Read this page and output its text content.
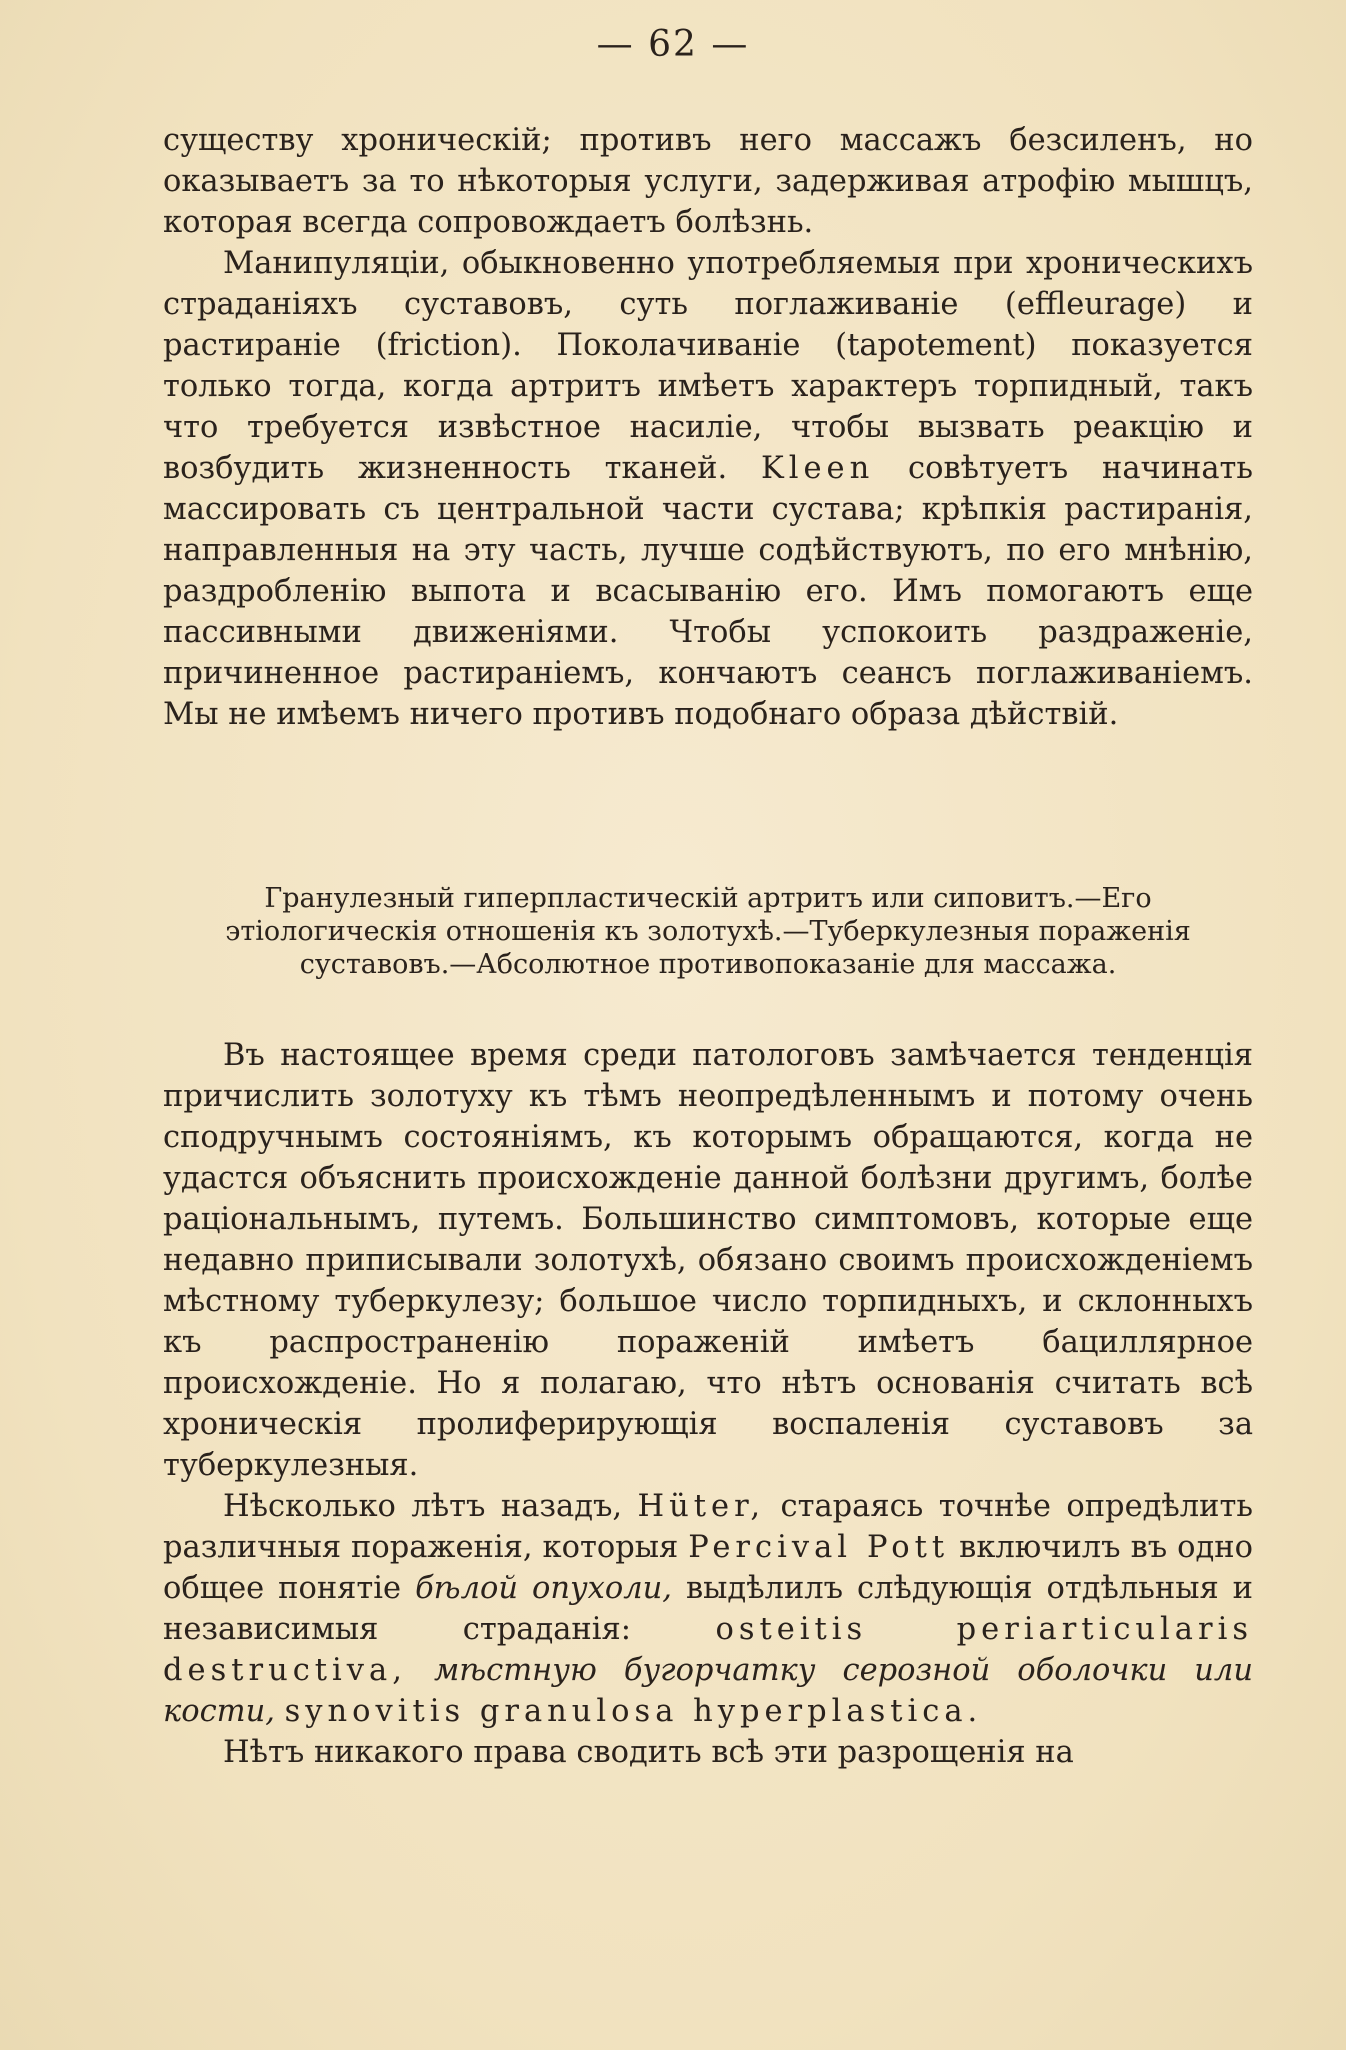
— 62 —

существу хроническій; противъ него массажъ безсиленъ, но оказываетъ за то нѣкоторыя услуги, задерживая атрофію мышцъ, которая всегда сопровождаетъ болѣзнь.

Манипуляціи, обыкновенно употребляемыя при хроническихъ страданіяхъ суставовъ, суть поглаживаніе (effleurage) и растираніе (friction). Поколачиваніе (tapotement) показуется только тогда, когда артритъ имѣетъ характеръ торпидный, такъ что требуется извѣстное насиліе, чтобы вызвать реакцію и возбудить жизненность тканей. Kleen совѣтуетъ начинать массировать съ центральной части сустава; крѣпкія растиранія, направленныя на эту часть, лучше содѣйствуютъ, по его мнѣнію, раздробленію выпота и всасыванію его. Имъ помогаютъ еще пассивными движеніями. Чтобы успокоить раздраженіе, причиненное растираніемъ, кончаютъ сеансъ поглаживаніемъ. Мы не имѣемъ ничего противъ подобнаго образа дѣйствій.

Гранулезный гиперпластическій артритъ или сиповитъ.—Его этіологическія отношенія къ золотухѣ.—Туберкулезныя пораженія суставовъ.—Абсолютное противопоказаніе для массажа.

Въ настоящее время среди патологовъ замѣчается тенденція причислить золотуху къ тѣмъ неопредѣленнымъ и потому очень сподручнымъ состояніямъ, къ которымъ обращаются, когда не удастся объяснить происхожденіе данной болѣзни другимъ, болѣе раціональнымъ, путемъ. Большинство симптомовъ, которые еще недавно приписывали золотухѣ, обязано своимъ происхожденіемъ мѣстному туберкулезу; большое число торпидныхъ, и склонныхъ къ распространенію пораженій имѣетъ бациллярное происхожденіе. Но я полагаю, что нѣтъ основанія считать всѣ хроническія пролиферирующія воспаленія суставовъ за туберкулезныя.

Нѣсколько лѣтъ назадъ, Hüter, стараясь точнѣе опредѣлить различныя пораженія, которыя Percival Pott включилъ въ одно общее понятіе бѣлой опухоли, выдѣлилъ слѣдующія отдѣльныя и независимыя страданія:	osteitis periarticularis destructiva, мѣстную бугорчатку серозной оболочки или кости, synovitis granulosa hyperplastica.

Нѣтъ никакого права сводить всѣ эти разрощенія на
